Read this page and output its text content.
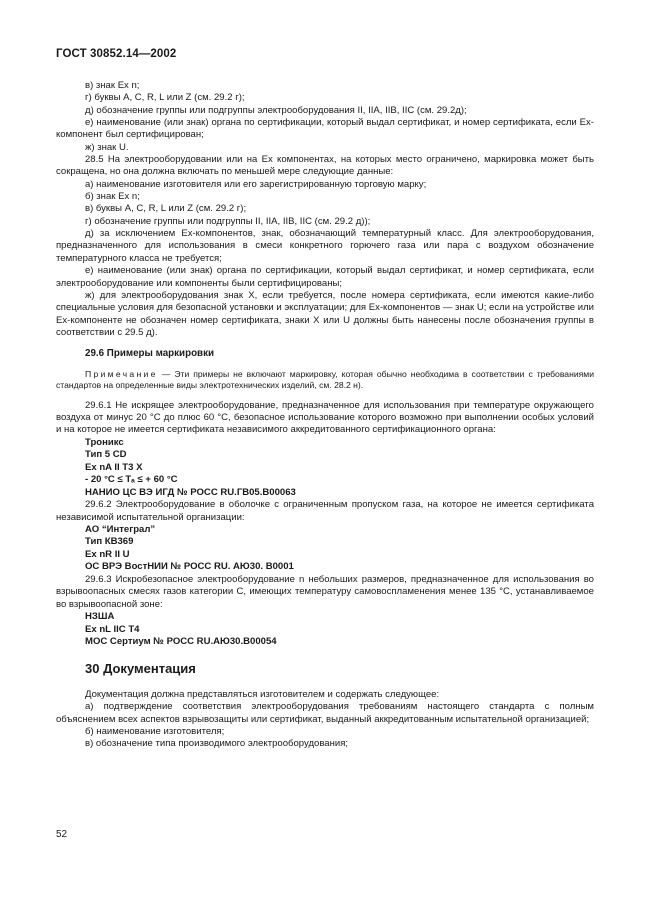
ГОСТ 30852.14—2002

в) знак Ex n;

г) буквы A, C, R, L или Z (см. 29.2 г);

д) обозначение группы или подгруппы электрооборудования II, IIA, IIB, IIC (см. 29.2д);

е) наименование (или знак) органа по сертификации, который выдал сертификат, и номер сертификата, если Ex-компонент был сертифицирован;

ж) знак U.

28.5 На электрооборудовании или на Ex компонентах, на которых место ограничено, маркировка может быть сокращена, но она должна включать по меньшей мере следующие данные:

а) наименование изготовителя или его зарегистрированную торговую марку;

б) знак Ex n;

в) буквы A, C, R, L или Z (см. 29.2 г);

г) обозначение группы или подгруппы II, IIA, IIB, IIC (см. 29.2 д));

д) за исключением Ex-компонентов, знак, обозначающий температурный класс. Для электрооборудования, предназначенного для использования в смеси конкретного горючего газа или пара с воздухом обозначение температурного класса не требуется;

е) наименование (или знак) органа по сертификации, который выдал сертификат, и номер сертификата, если электрооборудование или компоненты были сертифицированы;

ж) для электрооборудования знак X, если требуется, после номера сертификата, если имеются какие-либо специальные условия для безопасной установки и эксплуатации; для Ex-компонентов — знак U; если на устройстве или Ex-компоненте не обозначен номер сертификата, знаки X или U должны быть нанесены после обозначения группы в соответствии с 29.5 д).

29.6 Примеры маркировки

Примечание — Эти примеры не включают маркировку, которая обычно необходима в соответствии с требованиями стандартов на определенные виды электротехнических изделий, см. 28.2 н).

29.6.1 Не искрящее электрооборудование, предназначенное для использования при температуре окружающего воздуха от минус 20 °С до плюс 60 °С, безопасное использование которого возможно при выполнении особых условий и на которое не имеется сертификата независимого аккредитованного сертификационного органа:

Троникс
Тип 5 CD
Ex nA II T3 X
- 20 °C ≤ Tₐ ≤ + 60 °C
НАНИО ЦС ВЭ ИГД № РОСС RU.ГВ05.В00063

29.6.2 Электрооборудование в оболочке с ограниченным пропуском газа, на которое не имеется сертификата независимой испытательной организации:

АО “Интеграл”
Тип КВ369
Ex nR II U
ОС ВРЭ ВостНИИ № РОСС RU. АЮ30. В0001

29.6.3 Искробезопасное электрооборудование n небольших размеров, предназначенное для использования во взрывоопасных смесях газов категории С, имеющих температуру самовоспламенения менее 135 °С, устанавливаемое во взрывоопасной зоне:

НЗША
Ex nL IIC T4
МОС Сертиум № РОСС RU.АЮ30.В00054
30 Документация

Документация должна представляться изготовителем и содержать следующее:

а) подтверждение соответствия электрооборудования требованиям настоящего стандарта с полным объяснением всех аспектов взрывозащиты или сертификат, выданный аккредитованным испытательной организацией;

б) наименование изготовителя;

в) обозначение типа производимого электрооборудования;

52
